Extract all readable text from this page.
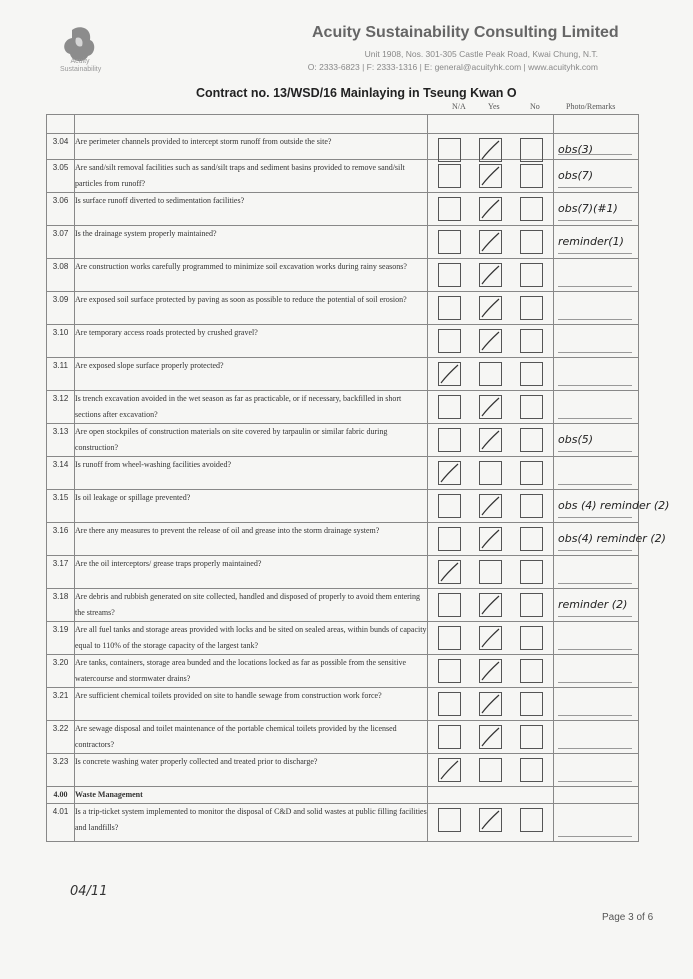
Acuity
Sustainability
Acuity Sustainability Consulting Limited
Unit 1908, Nos. 301-305 Castle Peak Road, Kwai Chung, N.T.
O: 2333-6823 | F: 2333-1316 | E: general@acuityhk.com | www.acuityhk.com
Contract no. 13/WSD/16 Mainlaying in Tseung Kwan O
N/A	Yes	No	Photo/Remarks

3.04	Are perimeter channels provided to intercept storm runoff from outside the site?		obs(3)

3.05	Are sand/silt removal facilities such as sand/silt traps and sediment basins provided to remove sand/silt particles from runoff?		obs(7)

3.06	Is surface runoff diverted to sedimentation facilities?		obs(7)(#1)

3.07	Is the drainage system properly maintained?		reminder(1)

3.08	Are construction works carefully programmed to minimize soil excavation works during rainy seasons?	

3.09	Are exposed soil surface protected by paving as soon as possible to reduce the potential of soil erosion?	

3.10	Are temporary access roads protected by crushed gravel?	

3.11	Are exposed slope surface properly protected?	

3.12	Is trench excavation avoided in the wet season as far as practicable, or if necessary, backfilled in short sections after excavation?	

3.13	Are open stockpiles of construction materials on site covered by tarpaulin or similar fabric during construction?		obs(5)

3.14	Is runoff from wheel-washing facilities avoided?	

3.15	Is oil leakage or spillage prevented?		obs (4) reminder (2)

3.16	Are there any measures to prevent the release of oil and grease into the storm drainage system?		obs(4) reminder (2)

3.17	Are the oil interceptors/ grease traps properly maintained?	

3.18	Are debris and rubbish generated on site collected, handled and disposed of properly to avoid them entering the streams?		reminder (2)

3.19	Are all fuel tanks and storage areas provided with locks and be sited on sealed areas, within bunds of capacity equal to 110% of the storage capacity of the largest tank?	

3.20	Are tanks, containers, storage area bunded and the locations locked as far as possible from the sensitive watercourse and stormwater drains?	

3.21	Are sufficient chemical toilets provided on site to handle sewage from construction work force?	

3.22	Are sewage disposal and toilet maintenance of the portable chemical toilets provided by the licensed contractors?	

3.23	Is concrete washing water properly collected and treated prior to discharge?	

4.00	Waste Management		
4.01	Is a trip-ticket system implemented to monitor the disposal of C&D and solid wastes at public filling facilities and landfills?	

04/11
Page 3 of 6
